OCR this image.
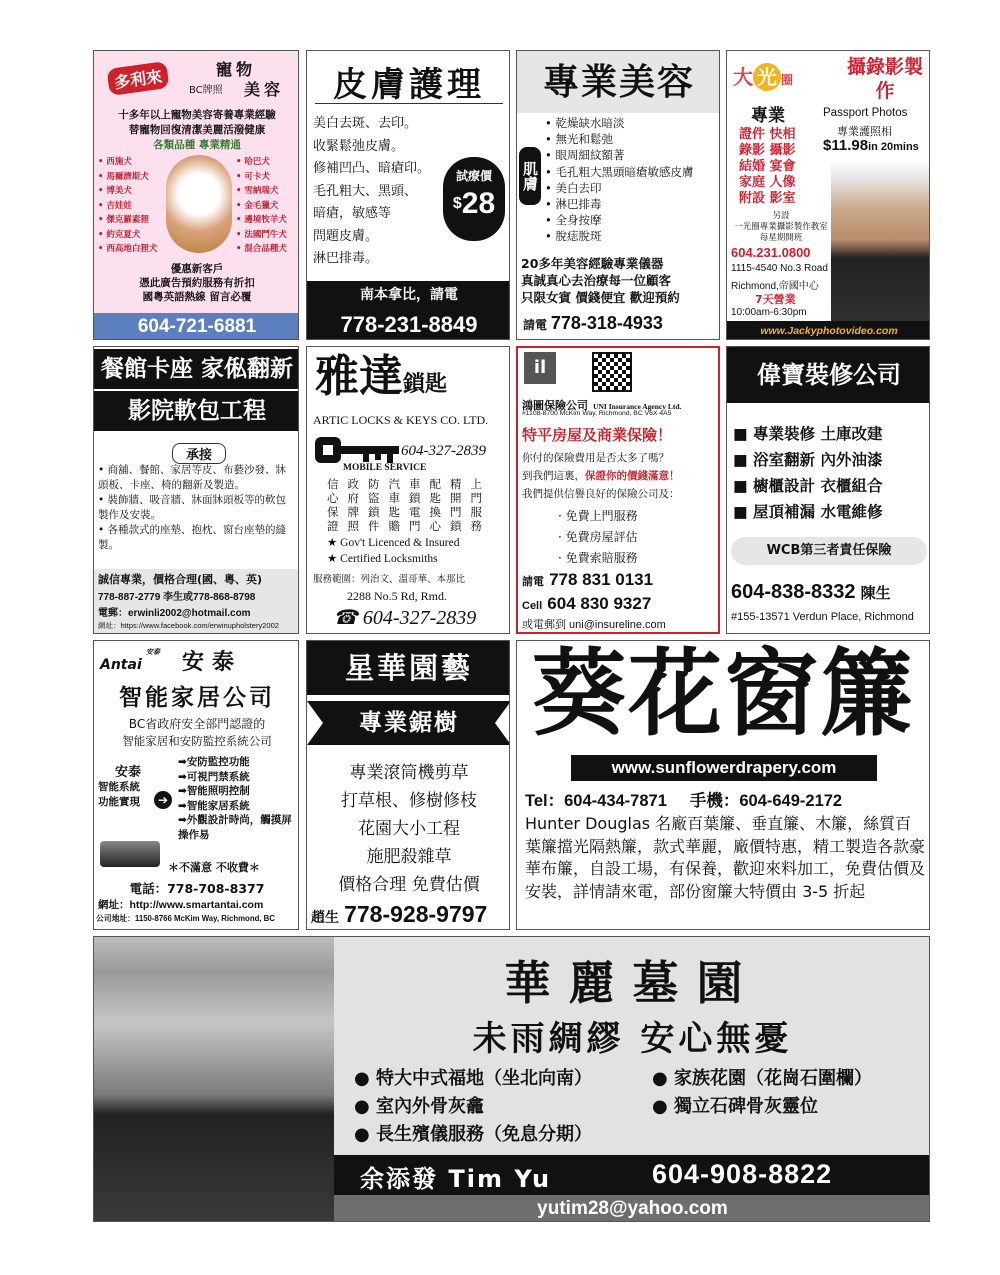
多利來	寵物
BC牌照 美容
十多年以上寵物美容寄養專業經驗
替寵物回復清潔美麗活潑健康
各類品種 專業精通
• 西施犬
• 馬爾濟斯犬
• 博美犬
• 吉娃娃
• 傑克羅素狸
• 約克夏犬
• 西高地白狸犬
• 哈巴犬
• 可卡犬
• 雪納瑞犬
• 金毛獵犬
• 邊境牧羊犬
• 法國鬥牛犬
• 混合品種犬
優惠新客戶
憑此廣告預約服務有折扣
國粵英語熱線 留言必覆
604-721-6881
皮膚護理
美白去斑、去印。
收緊鬆弛皮膚。
修補凹凸、暗瘡印。
毛孔粗大、黑頭、
暗瘡，敏感等
問題皮膚。
淋巴排毒。
試療價
$28
南本拿比，請電
778-231-8849
專業美容
肌膚
• 乾燥缺水暗淡
• 無光和鬆弛
• 眼周細紋額著
• 毛孔粗大黑頭暗瘡敏感皮膚
• 美白去印
• 淋巴排毒
• 全身按摩
• 脫痣脫斑
20多年美容經驗專業儀器
真誠真心去治療每一位顧客
只限女賓 價錢便宜 歡迎預約
請電 778-318-4933
大 光 圈
攝錄影製作
專業	Passport Photos
專業護照相
證件 快相
錄影 攝影
結婚 宴會
家庭 人像
附設 影室
$11.98in 20mins
另設
一光圈專業攝影製作教室
每星期開班
604.231.0800
1115-4540 No.3 Road
Richmond,帝國中心
7天營業
10:00am-6:30pm
www.Jackyphotovideo.com
餐館卡座 家俬翻新
影院軟包工程
承接
• 商舖、餐館、家居等皮、布藝沙發、牀頭板、卡座、椅的翻新及製造。
• 裝飾牆、吸音牆、牀面牀頭板等的軟包製作及安裝。
• 各種款式的座墊、抱枕、窗台座墊的縫製。
誠信專業，價格合理(國、粵、英)
778-887-2779 李生或778-868-8798
電郵：erwinli2002@hotmail.com
網址：https://www.facebook.com/erwinupholstery2002
雅達鎖匙
ARTIC LOCKS & KEYS CO. LTD.
604-327-2839
MOBILE SERVICE
信政防汽車配精上
心府盜車鎖匙開門
保牌鎖匙電換門服
證照件贍門心鎖務
★ Gov't Licenced & Insured
★ Certified Locksmiths
服務範圍：列治文、溫哥華、本那比
2288 No.5 Rd, Rmd.
☎ 604-327-2839
il
鴻圖保險公司 UNI Insurance Agency Ltd.
#1108-8700 McKim Way, Richmond, BC V6X 4A5
特平房屋及商業保險！
你付的保險費用是否太多了嗎？
到我們這裏，保證你的價錢滿意！
我們提供信譽良好的保險公司及：
· 免費上門服務
· 免費房屋評估
· 免費索賠服務
請電 778 831 0131
Cell 604 830 9327
或電郵到 uni@insureline.com
偉寶裝修公司
■ 專業裝修 土庫改建
■ 浴室翻新 內外油漆
■ 櫥櫃設計 衣櫃組合
■ 屋頂補漏 水電維修
WCB第三者責任保險
604-838-8332 陳生
#155-13571 Verdun Place, Richmond
安泰
Antai	安泰
智能家居公司
BC省政府安全部門認證的
智能家居和安防監控系統公司
安泰
智能系統
功能實現	➔
➡安防監控功能
➡可視門禁系統
➡智能照明控制
➡智能家居系統
➡外觀設計時尚，觸摸屏操作易
＊不滿意 不收費＊
電話：778-708-8377
網址：http://www.smartantai.com
公司地址：1150-8766 McKim Way, Richmond, BC
星華園藝
專業鋸樹
專業滾筒機剪草
打草根、修樹修枝
花園大小工程
施肥殺雜草
價格合理 免費估價
趙生 778-928-9797
葵花窗簾
www.sunflowerdrapery.com
Tel：604-434-7871 手機：604-649-2172
Hunter Douglas 名廠百葉簾、垂直簾、木簾，絲質百葉簾擋光隔熱簾，款式華麗，廠價特惠，精工製造各款豪華布簾，自設工場，有保養，歡迎來料加工，免費估價及安裝，詳情請來電，部份窗簾大特價由 3-5 折起
華麗墓園
未雨綢繆 安心無憂
● 特大中式福地（坐北向南）
● 室內外骨灰龕
● 長生殯儀服務（免息分期）
● 家族花園（花崗石圍欄）
● 獨立石碑骨灰靈位
余添發 Tim Yu	604-908-8822
yutim28@yahoo.com
